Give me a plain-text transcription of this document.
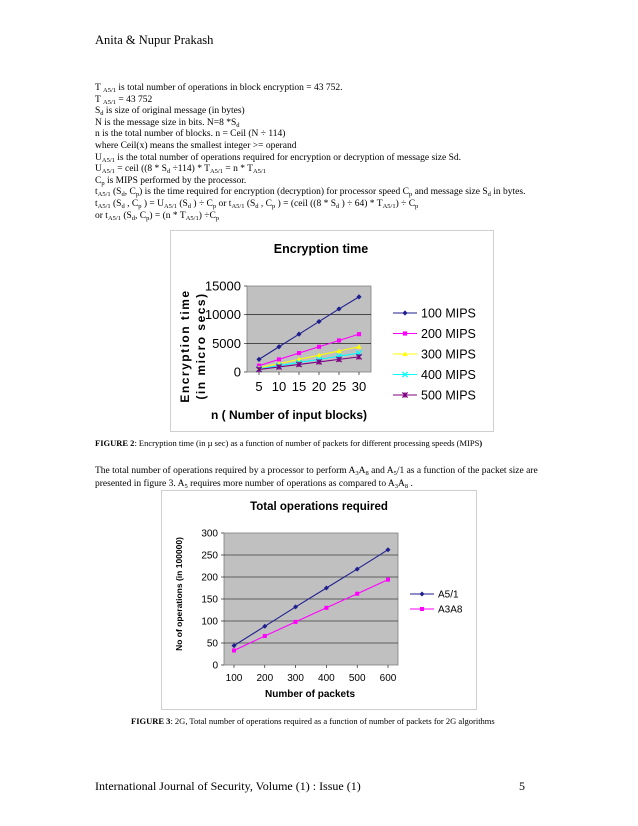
Anita & Nupur Prakash
T $_{A5/1}$ is total number of operations in block encryption = 43 752.
T $_{A5/1}$ = 43 752
$S_d$ is size of original message (in bytes)
N is the message size in bits. N=8 $*S_d$
n is the total number of blocks. n = Ceil (N ÷ 114)
where Ceil(x) means the smallest integer >= operand
$U_{A5/1}$ is the total number of operations required for encryption or decryption of message size Sd.
$U_{A5/1}$ = ceil ($(8 * S_d \div 114) * T_{A5/1} = n * T_{A5/1}$
$C_p$ is MIPS performed by the processor.
$t_{A5/1}$ ($S_d$, $C_p$) is the time required for encryption (decryption) for processor speed $C_p$ and message size $S_d$ in bytes.
$t_{A5/1}$ ($S_d$ , $C_p$ ) = $U_{A5/1}$ ($S_d$ ) ÷ $C_p$ or $t_{A5/1}$ ($S_d$ , $C_p$ ) = (ceil (($8 * S_d$ ) ÷ $64) * T_{A5/1}) \div C_p$
or $t_{A5/1}$ ($S_d$, $C_p) = (n * T_{A5/1}) \div C_p$
Encryption time
Encryption time (in micro secs)
n ( Number of input blocks)
0
5000
10000
15000
5 10 15 20 25 30
100 MIPS
200 MIPS
300 MIPS
400 MIPS
500 MIPS
FIGURE 2: Encryption time (in µ sec) as a function of number of packets for different processing speeds (MIPS)
The total number of operations required by a processor to perform $A_3A_8$ and $A_5/1$ as a function of the packet size are presented in figure 3. $A_5$ requires more number of operations as compared to $A_3A_8$ .
Total operations required
No of operations (in 100000)
Number of packets
0
50
100
150
200
250
300
100 200 300 400 500 600
A5/1
A3A8
FIGURE 3: 2G, Total number of operations required as a function of number of packets for 2G algorithms
International Journal of Security, Volume (1) : Issue (1)	5
